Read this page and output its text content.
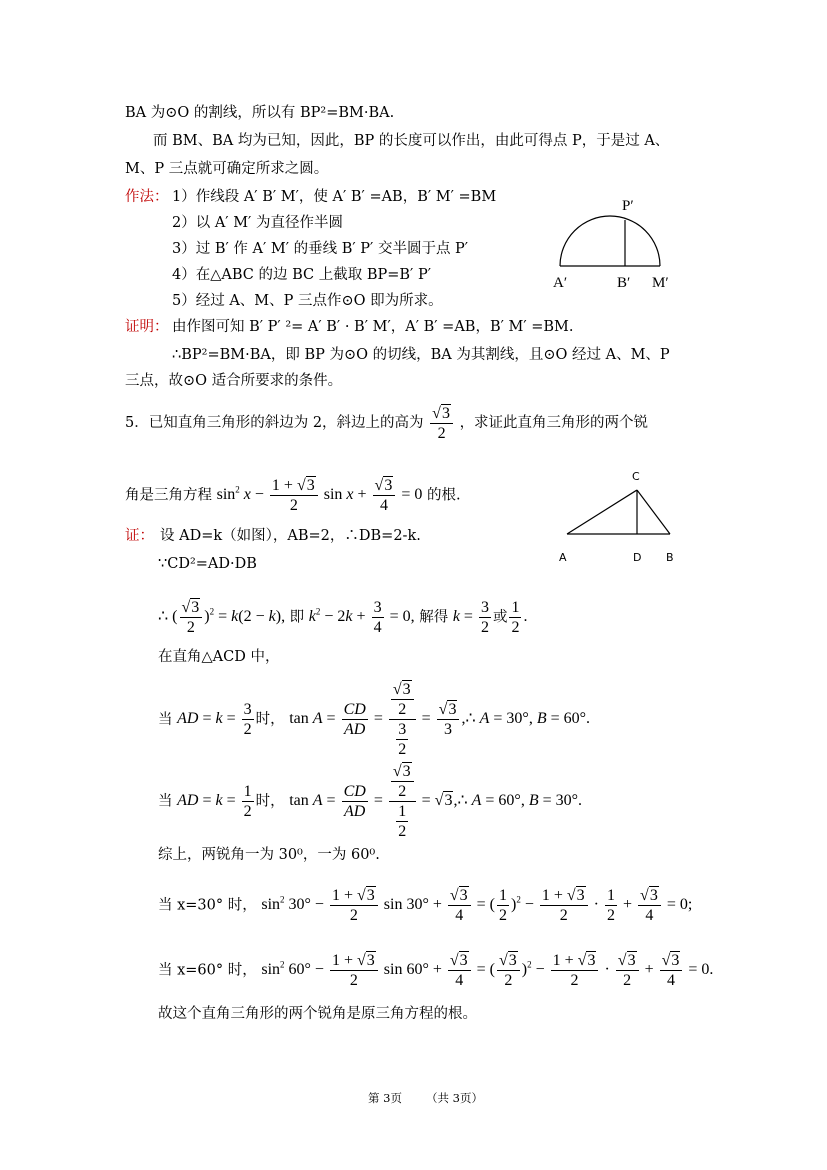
BA 为⊙O 的割线，所以有 BP²=BM·BA.
而 BM、BA 均为已知，因此，BP 的长度可以作出，由此可得点 P，于是过 A、
M、P 三点就可确定所求之圆。
作法： 1）作线段 A′ B′ M′，使 A′ B′ =AB，B′ M′ =BM
2）以 A′ M′ 为直径作半圆
3）过 B′ 作 A′ M′ 的垂线 B′ P′ 交半圆于点 P′
4）在△ABC 的边 BC 上截取 BP=B′ P′
5）经过 A、M、P 三点作⊙O 即为所求。
P′
A′	B′ M′
证明： 由作图可知 B′ P′ ²= A′ B′ · B′ M′，A′ B′ =AB，B′ M′ =BM.
∴BP²=BM·BA，即 BP 为⊙O 的切线，BA 为其割线，且⊙O 经过 A、M、P
三点，故⊙O 适合所要求的条件。
5．已知直角三角形的斜边为 2，斜边上的高为 $\frac{√3}{2}$ ，求证此直角三角形的两个锐
角是三角方程 $\sin^2 x - \frac{1 + √3}{2}$ $\sin x + \frac{√3}{4} = 0$ 的根.
C
A	D B
证： 设 AD=k（如图），AB=2，∴DB=2-k.
∵CD²=AD·DB
∴ ( $\frac{√3}{2} )^2 = k(2 - k)$, 即 $k^2 - 2k + \frac{3}{4} = 0$, 解得 $k = \frac{3}{2}$ 或 $\frac{1}{2}$ .
在直角△ACD 中，
当 AD = $k = \frac{3}{2}$ 时， $\tan A = \frac{CD}{AD} = \frac{\frac{√3}{2}}{\frac{3}{2}} = \frac{√3}{3}$ ,∴ A = 30°, B = 60°.
当 AD = $k = \frac{1}{2}$ 时， $\tan A = \frac{CD}{AD} = \frac{\frac{√3}{2}}{\frac{1}{2}}$ = √3,∴ A = 60°, B = 30°.
综上，两锐角一为 30⁰，一为 60⁰.
当 x=30° 时， $\sin^2 30^\circ - \frac{1 + √3}{2}$ $\sin 30^\circ + \frac{√3}{4}$ = ( $\frac{1}{2} )^2 - \frac{1 + √3}{2} \cdot \frac{1}{2} + \frac{√3}{4} = 0$;
当 x=60° 时， $\sin^2 60^\circ - \frac{1 + √3}{2}$ $\sin 60^\circ + \frac{√3}{4}$ = ( $\frac{√3}{2} )^2 - \frac{1 + √3}{2} \cdot \frac{√3}{2} + \frac{√3}{4} = 0$.
故这个直角三角形的两个锐角是原三角方程的根。
第 3页 （共 3页）
